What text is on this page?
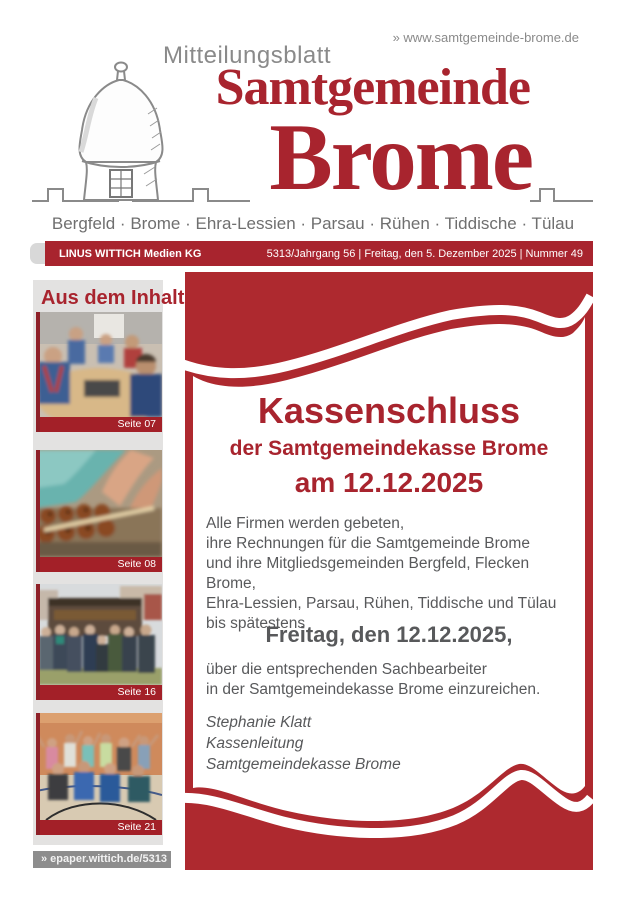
» www.samtgemeinde-brome.de
Mitteilungsblatt
Samtgemeinde
Brome
Bergfeld · Brome · Ehra-Lessien · Parsau · Rühen · Tiddische · Tülau
LINUS WITTICH Medien KG	5313/Jahrgang 56 | Freitag, den 5. Dezember 2025 | Nummer 49
Aus dem Inhalt
Seite 07
Seite 08
Seite 16
Seite 21
» epaper.wittich.de/5313
Kassenschluss
der Samtgemeindekasse Brome
am 12.12.2025
Alle Firmen werden gebeten,
ihre Rechnungen für die Samtgemeinde Brome
und ihre Mitgliedsgemeinden Bergfeld, Flecken Brome,
Ehra-Lessien, Parsau, Rühen, Tiddische und Tülau
bis spätestens
Freitag, den 12.12.2025,
über die entsprechenden Sachbearbeiter
in der Samtgemeindekasse Brome einzureichen.
Stephanie Klatt
Kassenleitung
Samtgemeindekasse Brome
